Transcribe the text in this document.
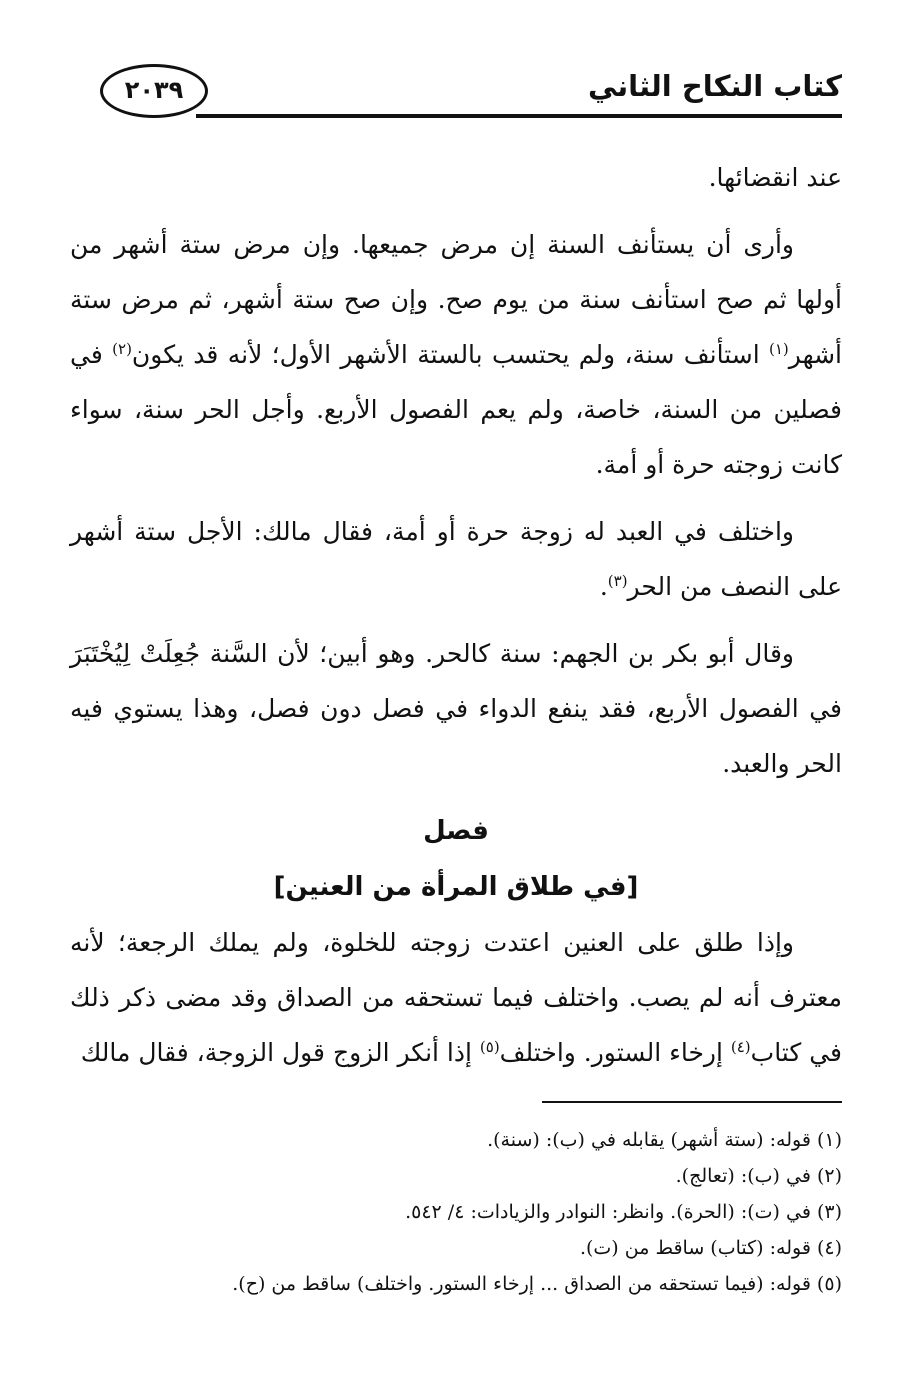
كتاب النكاح الثاني
٢٠٣٩

عند انقضائها.

وأرى أن يستأنف السنة إن مرض جميعها. وإن مرض ستة أشهر من أولها ثم صح استأنف سنة من يوم صح. وإن صح ستة أشهر، ثم مرض ستة أشهر$^{(١)}$ استأنف سنة، ولم يحتسب بالستة الأشهر الأول؛ لأنه قد يكون$^{(٢)}$ في فصلين من السنة، خاصة، ولم يعم الفصول الأربع. وأجل الحر سنة، سواء كانت زوجته حرة أو أمة.

واختلف في العبد له زوجة حرة أو أمة، فقال مالك: الأجل ستة أشهر على النصف من الحر$^{(٣)}$.

وقال أبو بكر بن الجهم: سنة كالحر. وهو أبين؛ لأن السَّنة جُعِلَتْ لِيُخْتَبَرَ في الفصول الأربع، فقد ينفع الدواء في فصل دون فصل، وهذا يستوي فيه الحر والعبد.

فصل

[في طلاق المرأة من العنين]

وإذا طلق على العنين اعتدت زوجته للخلوة، ولم يملك الرجعة؛ لأنه معترف أنه لم يصب. واختلف فيما تستحقه من الصداق وقد مضى ذكر ذلك في كتاب$^{(٤)}$ إرخاء الستور. واختلف$^{(٥)}$ إذا أنكر الزوج قول الزوجة، فقال مالك

(١) قوله: (ستة أشهر) يقابله في (ب): (سنة).

(٢) في (ب): (تعالج).

(٣) في (ت): (الحرة). وانظر: النوادر والزيادات: ٤/ ٥٤٢.

(٤) قوله: (كتاب) ساقط من (ت).

(٥) قوله: (فيما تستحقه من الصداق ... إرخاء الستور. واختلف) ساقط من (ح).
